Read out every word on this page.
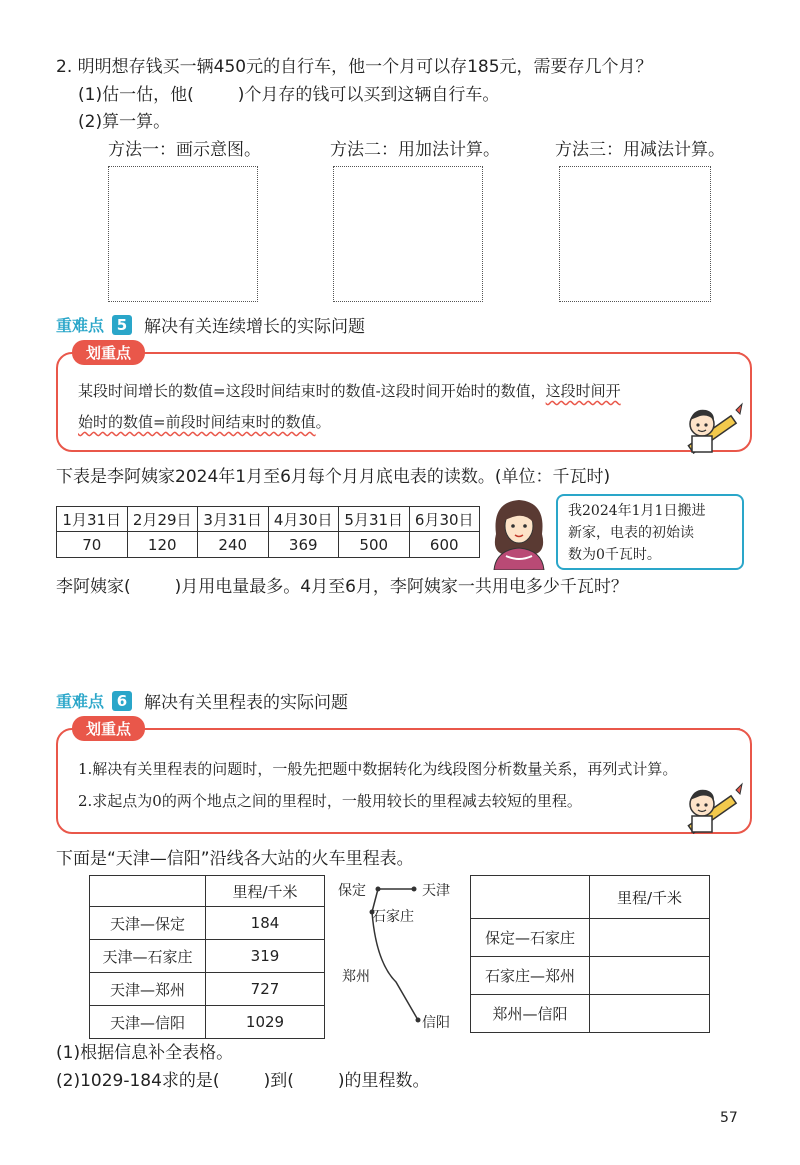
2. 明明想存钱买一辆450元的自行车，他一个月可以存185元，需要存几个月？
(1)估一估，他(	)个月存的钱可以买到这辆自行车。
(2)算一算。
方法一：画示意图。	方法二：用加法计算。	方法三：用减法计算。
重难点 5 解决有关连续增长的实际问题
划重点
某段时间增长的数值=这段时间结束时的数值-这段时间开始时的数值，这段时间开
始时的数值=前段时间结束时的数值。
下表是李阿姨家2024年1月至6月每个月月底电表的读数。(单位：千瓦时)
1月31日	2月29日	3月31日	4月30日	5月31日	6月30日
70	120	240	369	500	600
我2024年1月1日搬进
新家，电表的初始读
数为0千瓦时。
李阿姨家(	)月用电量最多。4月至6月，李阿姨家一共用电多少千瓦时？
重难点 6 解决有关里程表的实际问题
划重点
1.解决有关里程表的问题时，一般先把题中数据转化为线段图分析数量关系，再列式计算。
2.求起点为0的两个地点之间的里程时，一般用较长的里程减去较短的里程。
下面是“天津—信阳”沿线各大站的火车里程表。
	里程/千米
天津—保定	184
天津—石家庄	319
天津—郑州	727
天津—信阳	1029
保定	天津
石家庄
郑州
信阳
	里程/千米
保定—石家庄	
石家庄—郑州	
郑州—信阳	
(1)根据信息补全表格。
(2)1029-184求的是(	)到(	)的里程数。
57
